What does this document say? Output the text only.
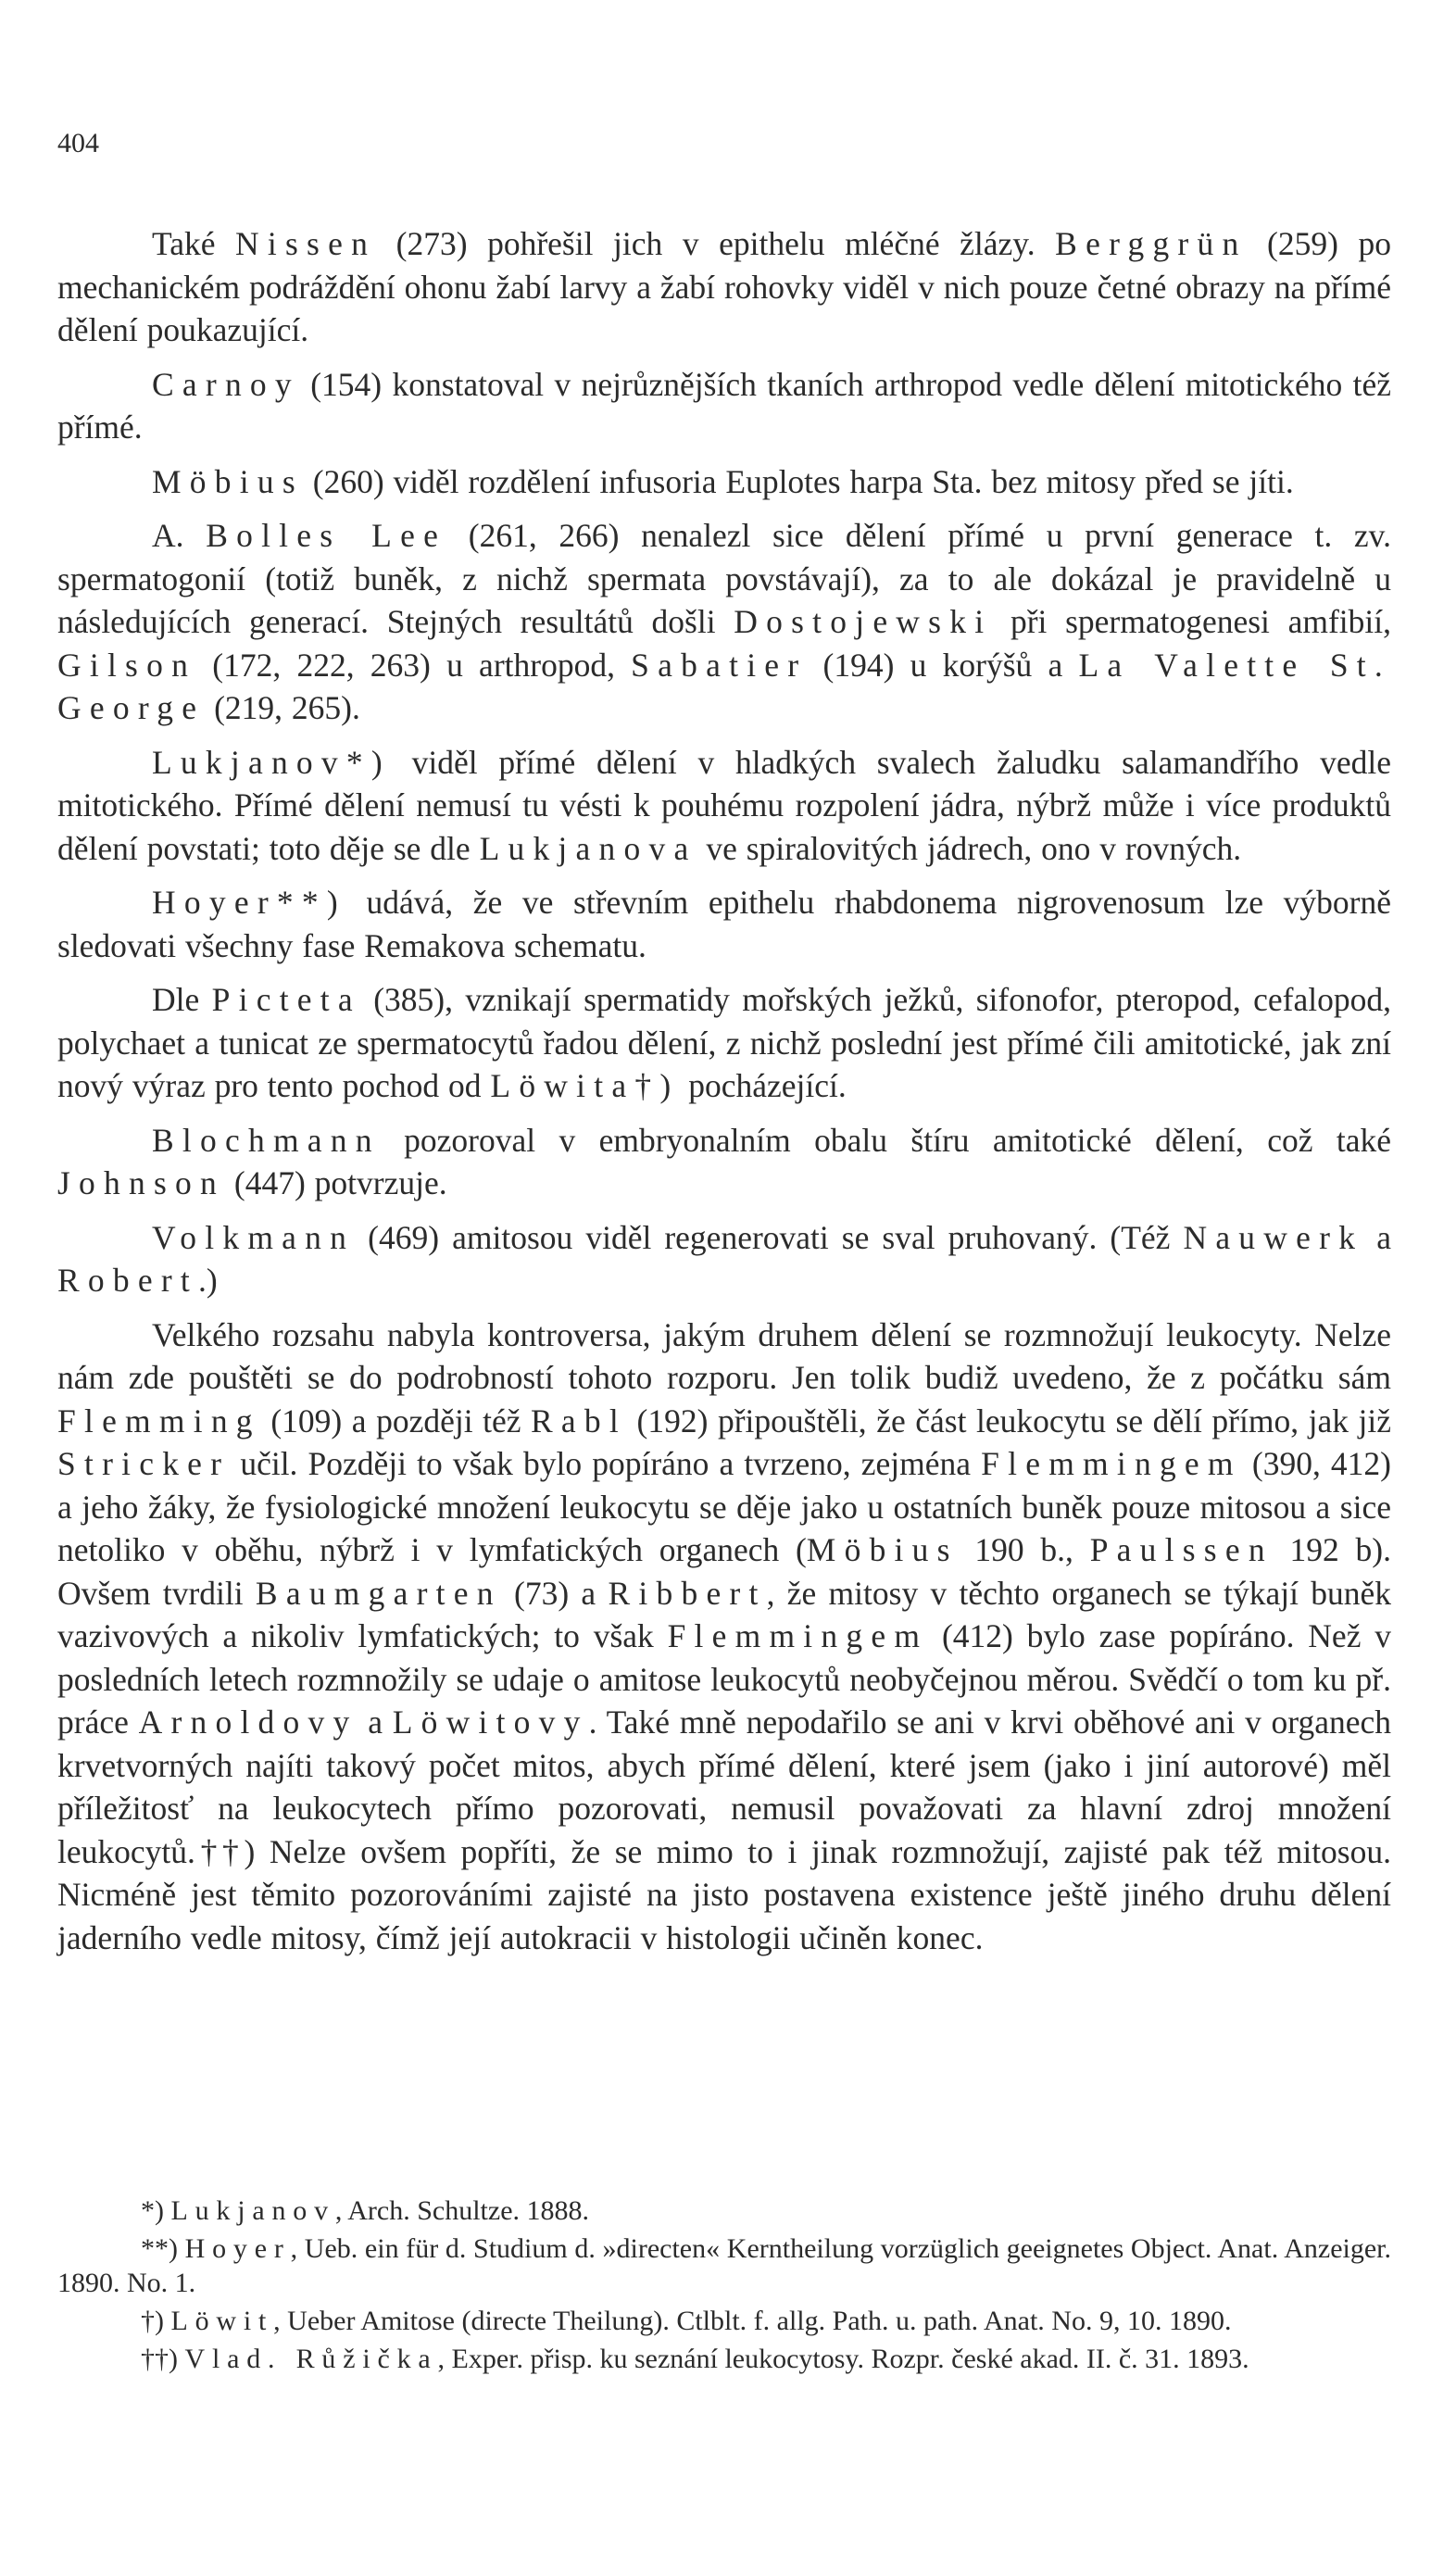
404

Také Nissen (273) pohřešil jich v epithelu mléčné žlázy. Berggrün (259) po mechanickém podráždění ohonu žabí larvy a žabí rohovky viděl v nich pouze četné obrazy na přímé dělení poukazující.

Carnoy (154) konstatoval v nejrůznějších tkaních arthropod vedle dělení mitotického též přímé.

Möbius (260) viděl rozdělení infusoria Euplotes harpa Sta. bez mitosy před se jíti.

A. Bolles Lee (261, 266) nenalezl sice dělení přímé u první generace t. zv. spermatogonií (totiž buněk, z nichž spermata povstávají), za to ale dokázal je pravidelně u následujících generací. Stejných resultátů došli Dostojewski při spermatogenesi amfibií, Gilson (172, 222, 263) u arthropod, Sabatier (194) u korýšů a La Valette St. George (219, 265).

Lukjanov*) viděl přímé dělení v hladkých svalech žaludku salamandřího vedle mitotického. Přímé dělení nemusí tu vésti k pouhému rozpolení jádra, nýbrž může i více produktů dělení povstati; toto děje se dle Lukjanova ve spiralovitých jádrech, ono v rovných.

Hoyer**) udává, že ve střevním epithelu rhabdonema nigrovenosum lze výborně sledovati všechny fase Remakova schematu.

Dle Picteta (385), vznikají spermatidy mořských ježků, sifonofor, pteropod, cefalopod, polychaet a tunicat ze spermatocytů řadou dělení, z nichž poslední jest přímé čili amitotické, jak zní nový výraz pro tento pochod od Löwita†) pocházející.

Blochmann pozoroval v embryonalním obalu štíru amitotické dělení, což také Johnson (447) potvrzuje.

Volkmann (469) amitosou viděl regenerovati se sval pruhovaný. (Též Nauwerk a Robert.)

Velkého rozsahu nabyla kontroversa, jakým druhem dělení se rozmnožují leukocyty. Nelze nám zde pouštěti se do podrobností tohoto rozporu. Jen tolik budiž uvedeno, že z počátku sám Flemming (109) a později též Rabl (192) připouštěli, že část leukocytu se dělí přímo, jak již Stricker učil. Později to však bylo popíráno a tvrzeno, zejména Flemmingem (390, 412) a jeho žáky, že fysiologické množení leukocytu se děje jako u ostatních buněk pouze mitosou a sice netoliko v oběhu, nýbrž i v lymfatických organech (Möbius 190 b., Paulssen 192 b). Ovšem tvrdili Baumgarten (73) a Ribbert, že mitosy v těchto organech se týkají buněk vazivových a nikoliv lymfatických; to však Flemmingem (412) bylo zase popíráno. Než v posledních letech rozmnožily se udaje o amitose leukocytů neobyčejnou měrou. Svědčí o tom ku př. práce Arnoldovy a Löwitovy. Také mně nepodařilo se ani v krvi oběhové ani v organech krvetvorných najíti takový počet mitos, abych přímé dělení, které jsem (jako i jiní autorové) měl příležitosť na leukocytech přímo pozorovati, nemusil považovati za hlavní zdroj množení leukocytů.††) Nelze ovšem popříti, že se mimo to i jinak rozmnožují, zajisté pak též mitosou. Nicméně jest těmito pozorováními zajisté na jisto postavena existence ještě jiného druhu dělení jaderního vedle mitosy, čímž její autokracii v histologii učiněn konec.

*) Lukjanov, Arch. Schultze. 1888.

**) Hoyer, Ueb. ein für d. Studium d. »directen« Kerntheilung vorzüglich geeignetes Object. Anat. Anzeiger. 1890. No. 1.

†) Löwit, Ueber Amitose (directe Theilung). Ctlblt. f. allg. Path. u. path. Anat. No. 9, 10. 1890.

††) Vlad. Růžička, Exper. přisp. ku seznání leukocytosy. Rozpr. české akad. II. č. 31. 1893.
